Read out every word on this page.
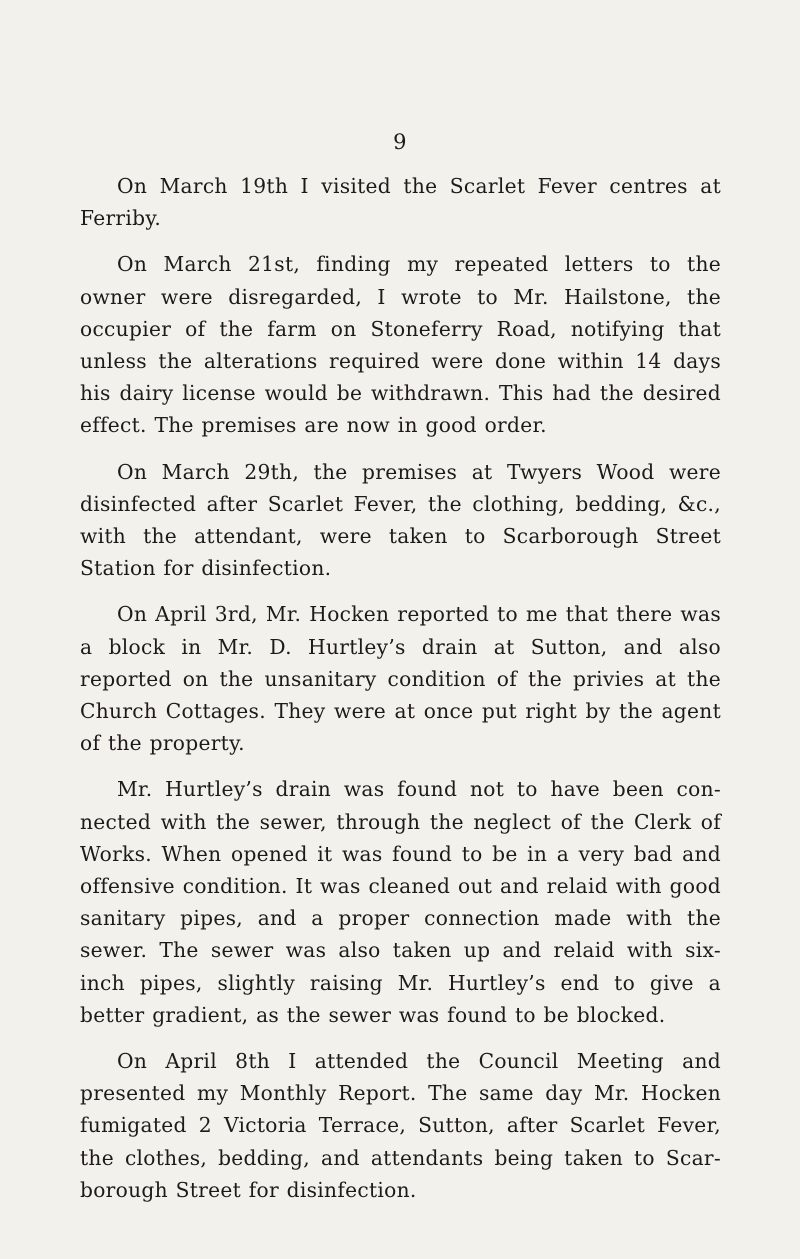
9

On March 19th I visited the Scarlet Fever centres at Ferriby.

On March 21st, finding my repeated letters to the owner were disregarded, I wrote to Mr. Hailstone, the occupier of the farm on Stoneferry Road, notifying that unless the alterations required were done within 14 days his dairy license would be withdrawn. This had the desired effect. The premises are now in good order.

On March 29th, the premises at Twyers Wood were disinfected after Scarlet Fever, the clothing, bedding, &c., with the attendant, were taken to Scarborough Street Station for disinfection.

On April 3rd, Mr. Hocken reported to me that there was a block in Mr. D. Hurtley’s drain at Sutton, and also reported on the unsanitary condition of the privies at the Church Cottages. They were at once put right by the agent of the property.

Mr. Hurtley’s drain was found not to have been con- nected with the sewer, through the neglect of the Clerk of Works. When opened it was found to be in a very bad and offensive condition. It was cleaned out and relaid with good sanitary pipes, and a proper connection made with the sewer. The sewer was also taken up and relaid with six- inch pipes, slightly raising Mr. Hurtley’s end to give a better gradient, as the sewer was found to be blocked.

On April 8th I attended the Council Meeting and presented my Monthly Report. The same day Mr. Hocken fumigated 2 Victoria Terrace, Sutton, after Scarlet Fever, the clothes, bedding, and attendants being taken to Scar- borough Street for disinfection.
